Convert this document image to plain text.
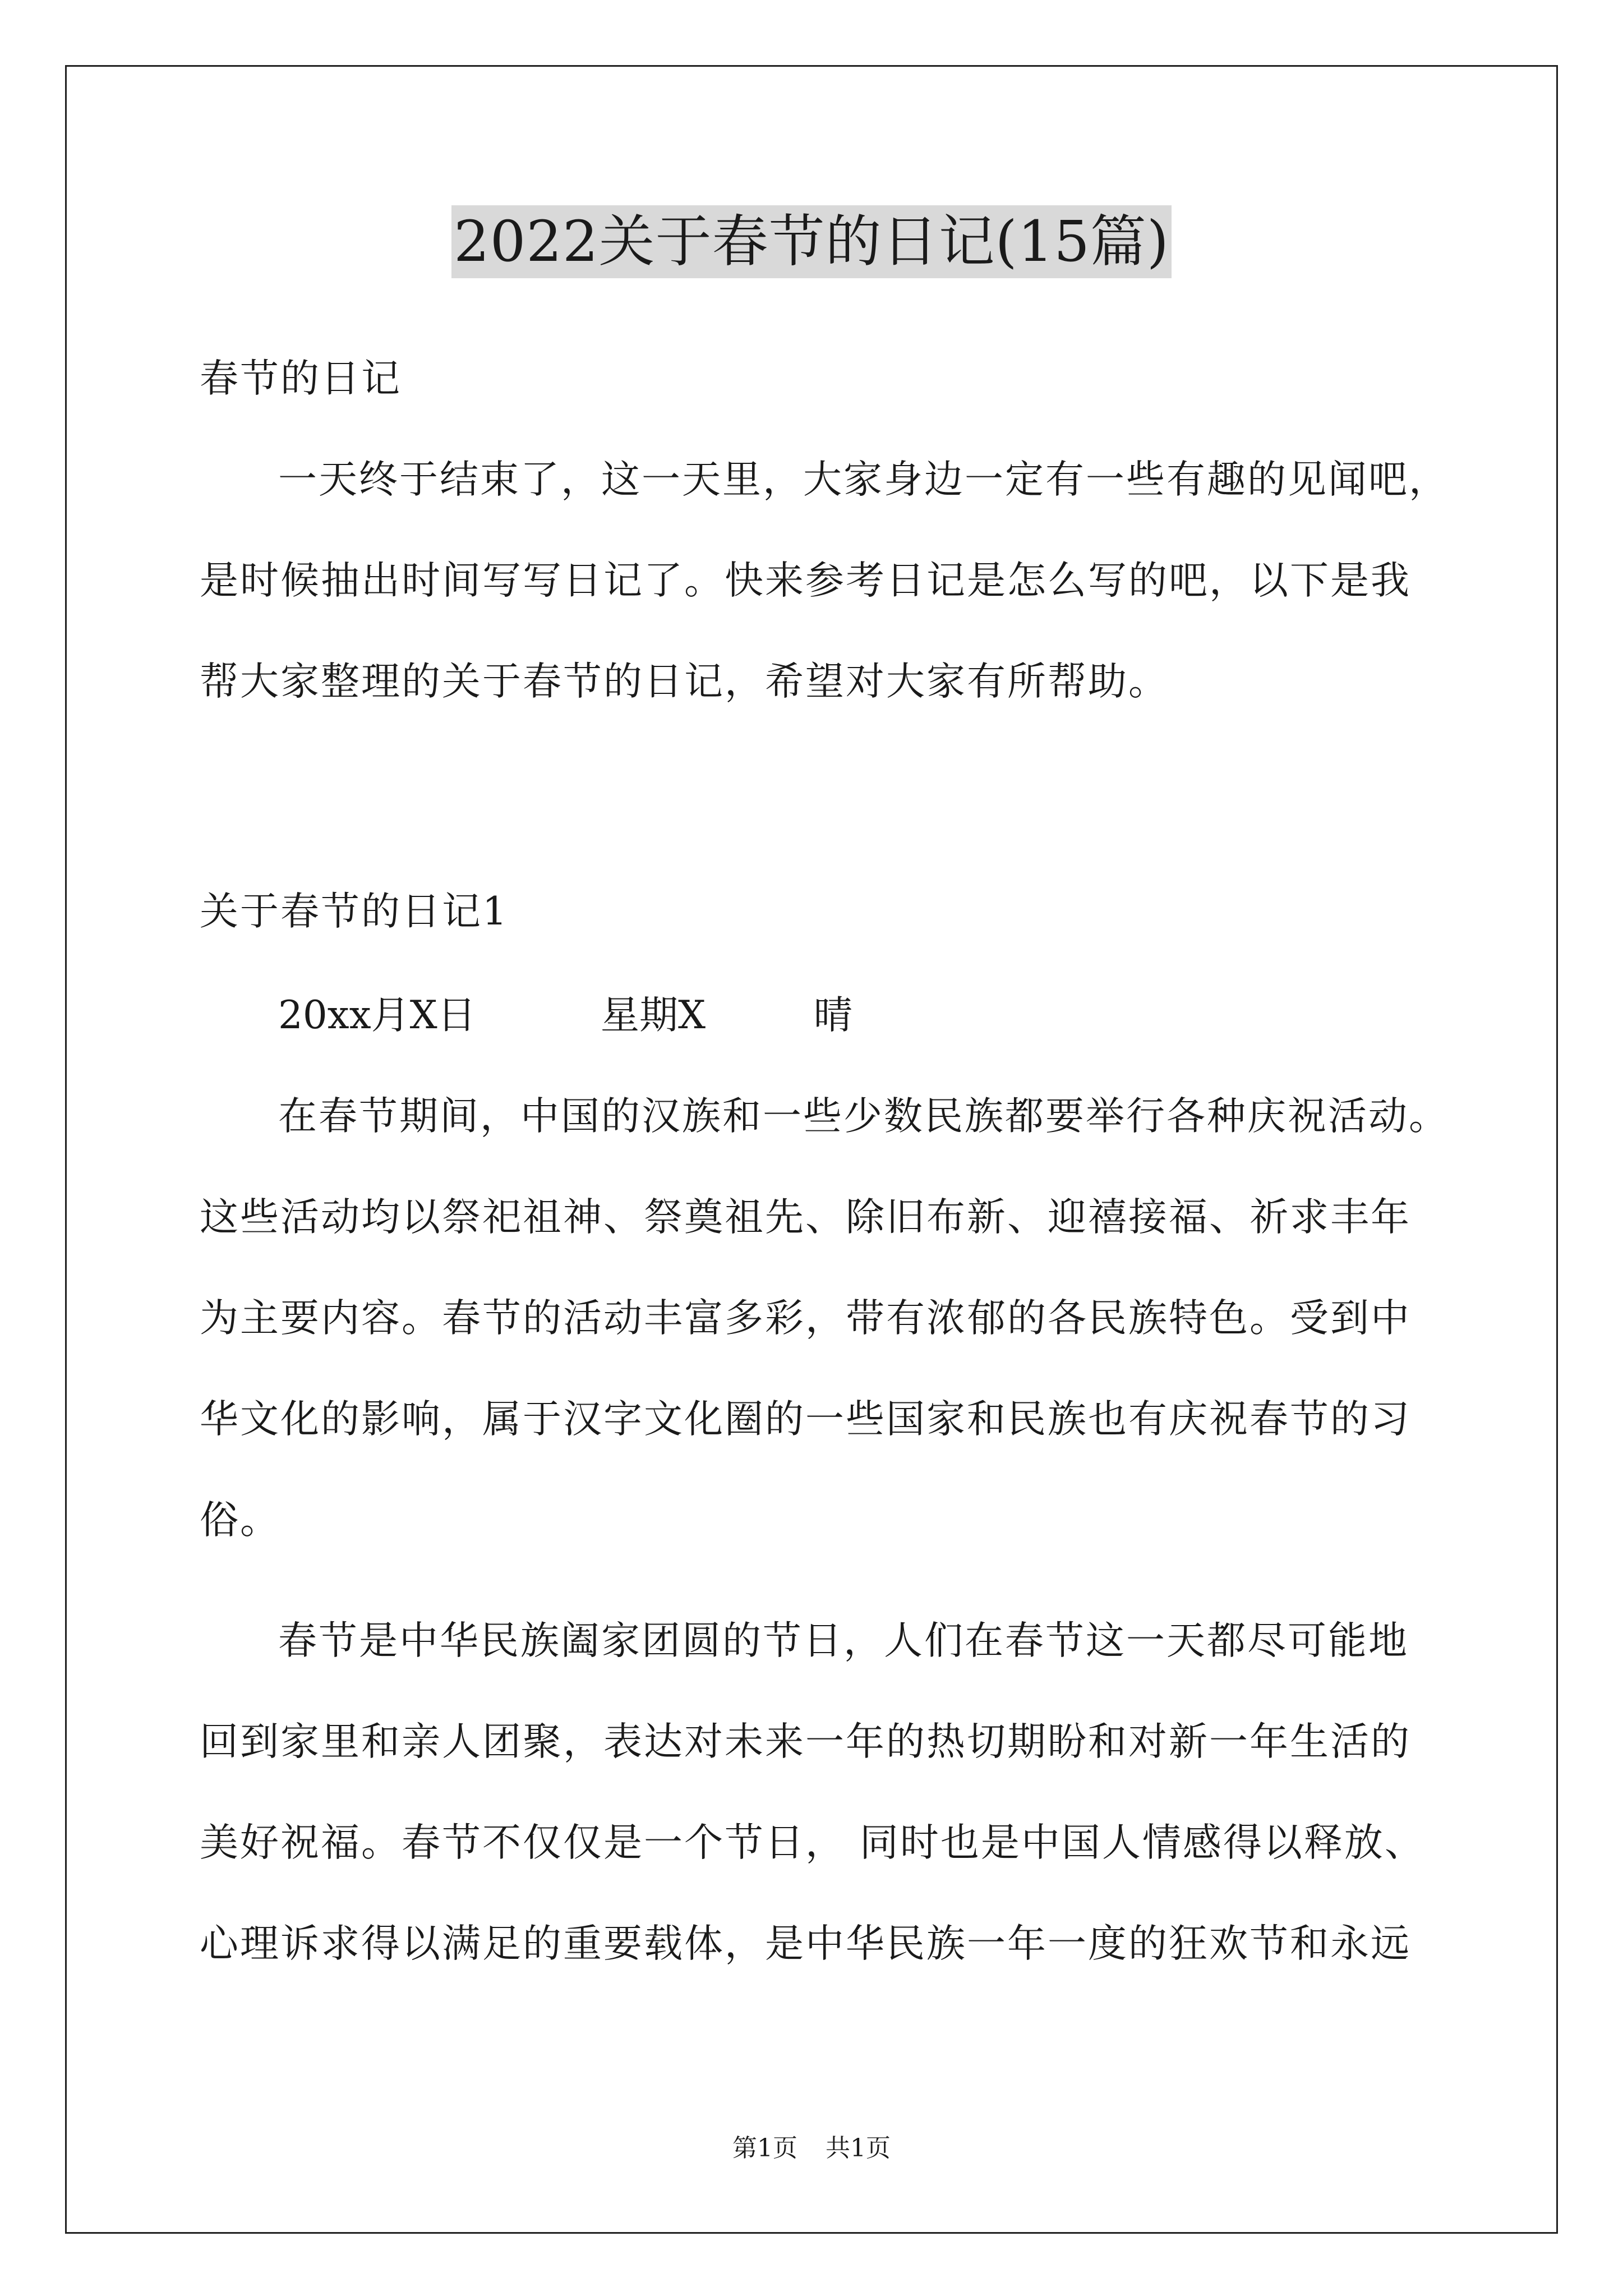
2022关于春节的日记(15篇)
春节的日记
一天终于结束了，这一天里，大家身边一定有一些有趣的见闻吧，
是时候抽出时间写写日记了。快来参考日记是怎么写的吧，以下是我
帮大家整理的关于春节的日记，希望对大家有所帮助。
关于春节的日记1
20xx月X日	星期X	晴
在春节期间，中国的汉族和一些少数民族都要举行各种庆祝活动。
这些活动均以祭祀祖神、祭奠祖先、除旧布新、迎禧接福、祈求丰年
为主要内容。春节的活动丰富多彩，带有浓郁的各民族特色。受到中
华文化的影响，属于汉字文化圈的一些国家和民族也有庆祝春节的习
俗。
春节是中华民族阖家团圆的节日，人们在春节这一天都尽可能地
回到家里和亲人团聚，表达对未来一年的热切期盼和对新一年生活的
美好祝福。春节不仅仅是一个节日， 同时也是中国人情感得以释放、
心理诉求得以满足的重要载体，是中华民族一年一度的狂欢节和永远
第1页 共1页
